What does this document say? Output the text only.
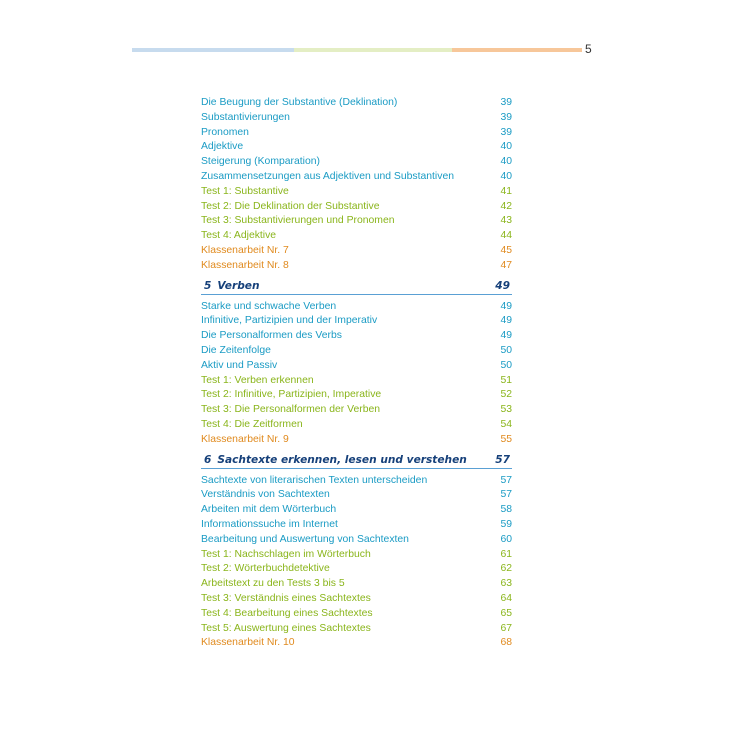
5
Die Beugung der Substantive (Deklination)	39
Substantivierungen	39
Pronomen	39
Adjektive	40
Steigerung (Komparation)	40
Zusammensetzungen aus Adjektiven und Substantiven	40
Test 1: Substantive	41
Test 2: Die Deklination der Substantive	42
Test 3: Substantivierungen und Pronomen	43
Test 4: Adjektive	44
Klassenarbeit Nr. 7	45
Klassenarbeit Nr. 8	47
5 Verben	49
Starke und schwache Verben	49
Infinitive, Partizipien und der Imperativ	49
Die Personalformen des Verbs	49
Die Zeitenfolge	50
Aktiv und Passiv	50
Test 1: Verben erkennen	51
Test 2: Infinitive, Partizipien, Imperative	52
Test 3: Die Personalformen der Verben	53
Test 4: Die Zeitformen	54
Klassenarbeit Nr. 9	55
6 Sachtexte erkennen, lesen und verstehen	57
Sachtexte von literarischen Texten unterscheiden	57
Verständnis von Sachtexten	57
Arbeiten mit dem Wörterbuch	58
Informationssuche im Internet	59
Bearbeitung und Auswertung von Sachtexten	60
Test 1: Nachschlagen im Wörterbuch	61
Test 2: Wörterbuchdetektive	62
Arbeitstext zu den Tests 3 bis 5	63
Test 3: Verständnis eines Sachtextes	64
Test 4: Bearbeitung eines Sachtextes	65
Test 5: Auswertung eines Sachtextes	67
Klassenarbeit Nr. 10	68
